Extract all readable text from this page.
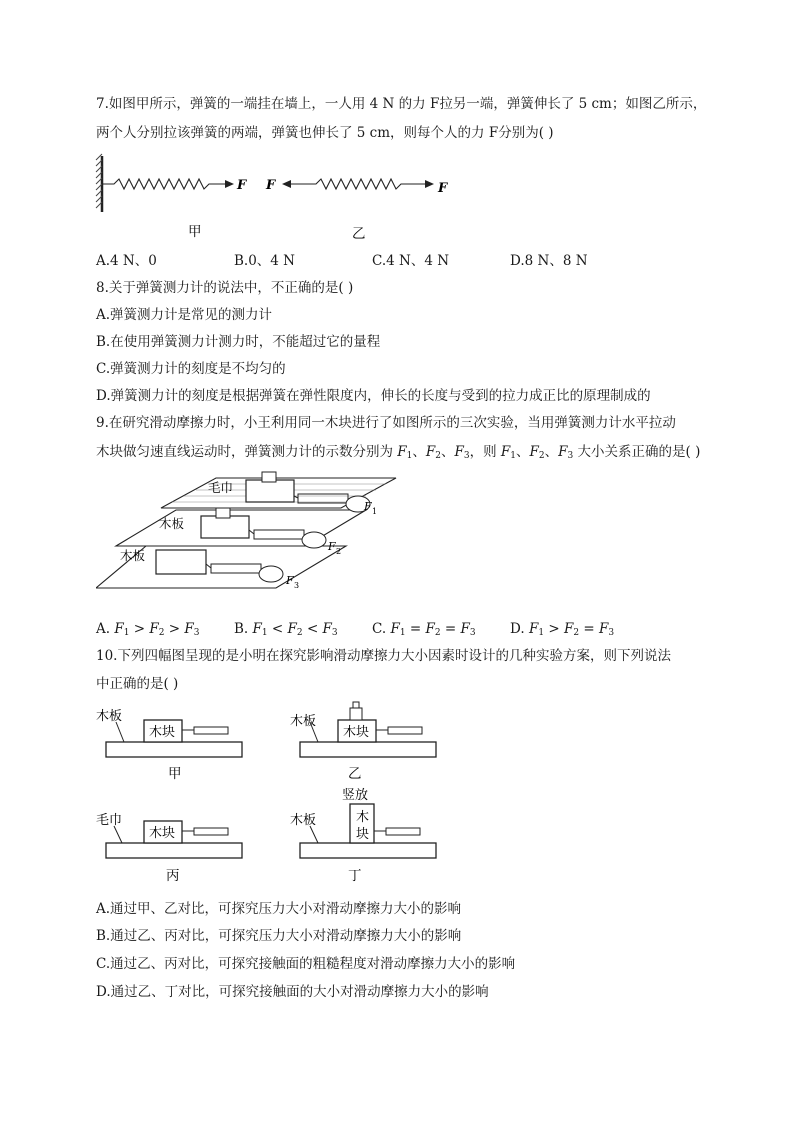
7.如图甲所示，弹簧的一端挂在墙上，一人用 4 N 的力 F拉另一端，弹簧伸长了 5 cm；如图乙所示，
两个人分别拉该弹簧的两端，弹簧也伸长了 5 cm，则每个人的力 F分别为( )
F F	F
甲	乙
A.4 N、0	B.0、4 N	C.4 N、4 N	D.8 N、8 N
8.关于弹簧测力计的说法中，不正确的是( )
A.弹簧测力计是常见的测力计
B.在使用弹簧测力计测力时，不能超过它的量程
C.弹簧测力计的刻度是不均匀的
D.弹簧测力计的刻度是根据弹簧在弹性限度内，伸长的长度与受到的拉力成正比的原理制成的
9.在研究滑动摩擦力时，小王利用同一木块进行了如图所示的三次实验，当用弹簧测力计水平拉动
木块做匀速直线运动时，弹簧测力计的示数分别为 $F_1$、$F_2$、$F_3$，则 $F_1$、$F_2$、$F_3$ 大小关系正确的是( )
毛巾
木板
木板
F 1
F 2
F 3
A. $F_1 > F_2 > F_3$	B. $F_1 < F_2 < F_3$	C. $F_1 = F_2 = F_3$	D. $F_1 > F_2 = F_3$
10.下列四幅图呈现的是小明在探究影响滑动摩擦力大小因素时设计的几种实验方案，则下列说法
中正确的是( )
木板
木块
甲
木板
木块
乙
毛巾
木块
丙
木板	木
块
竖放
丁
A.通过甲、乙对比，可探究压力大小对滑动摩擦力大小的影响
B.通过乙、丙对比，可探究压力大小对滑动摩擦力大小的影响
C.通过乙、丙对比，可探究接触面的粗糙程度对滑动摩擦力大小的影响
D.通过乙、丁对比，可探究接触面的大小对滑动摩擦力大小的影响
